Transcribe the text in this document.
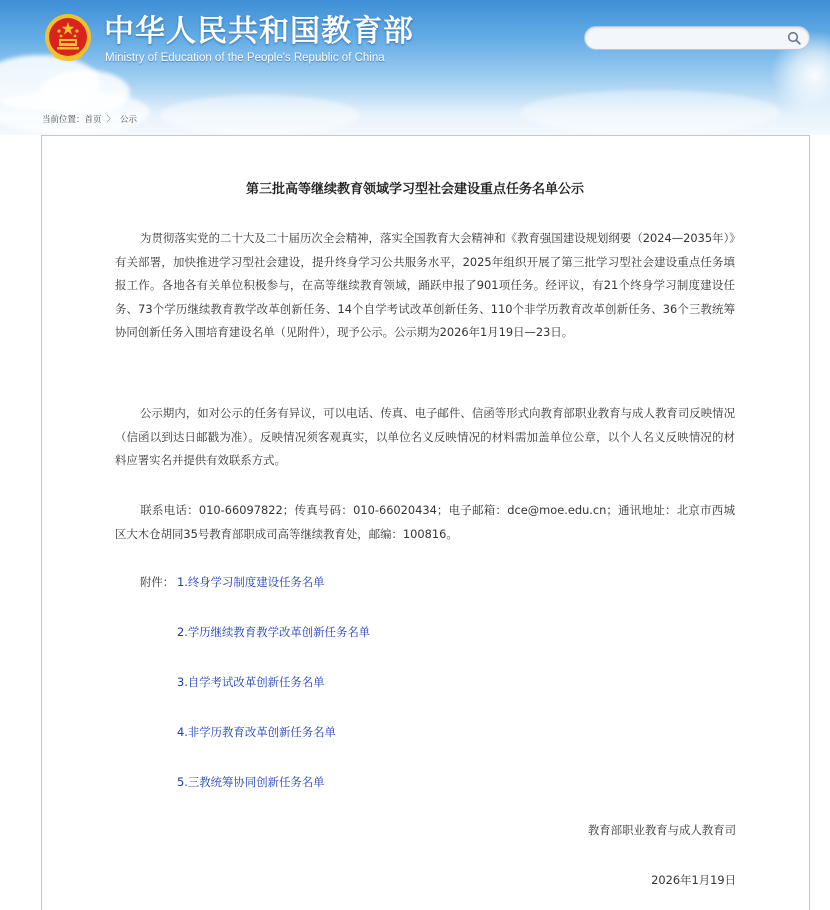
中华人民共和国教育部
Ministry of Education of the People's Republic of China
当前位置：首页 〉 公示
第三批高等继续教育领域学习型社会建设重点任务名单公示
为贯彻落实党的二十大及二十届历次全会精神，落实全国教育大会精神和《教育强国建设规划纲要（2024—2035年）》有关部署，加快推进学习型社会建设，提升终身学习公共服务水平，2025年组织开展了第三批学习型社会建设重点任务填报工作。各地各有关单位积极参与，在高等继续教育领域，踊跃申报了901项任务。经评议，有21个终身学习制度建设任务、73个学历继续教育教学改革创新任务、14个自学考试改革创新任务、110个非学历教育改革创新任务、36个三教统筹协同创新任务入围培育建设名单（见附件），现予公示。公示期为2026年1月19日—23日。
公示期内，如对公示的任务有异议，可以电话、传真、电子邮件、信函等形式向教育部职业教育与成人教育司反映情况（信函以到达日邮戳为准）。反映情况须客观真实，以单位名义反映情况的材料需加盖单位公章，以个人名义反映情况的材料应署实名并提供有效联系方式。
联系电话：010-66097822；传真号码：010-66020434；电子邮箱：dce@moe.edu.cn；通讯地址：北京市西城区大木仓胡同35号教育部职成司高等继续教育处，邮编：100816。
附件： 1.终身学习制度建设任务名单
2.学历继续教育教学改革创新任务名单
3.自学考试改革创新任务名单
4.非学历教育改革创新任务名单
5.三教统筹协同创新任务名单
教育部职业教育与成人教育司
2026年1月19日
